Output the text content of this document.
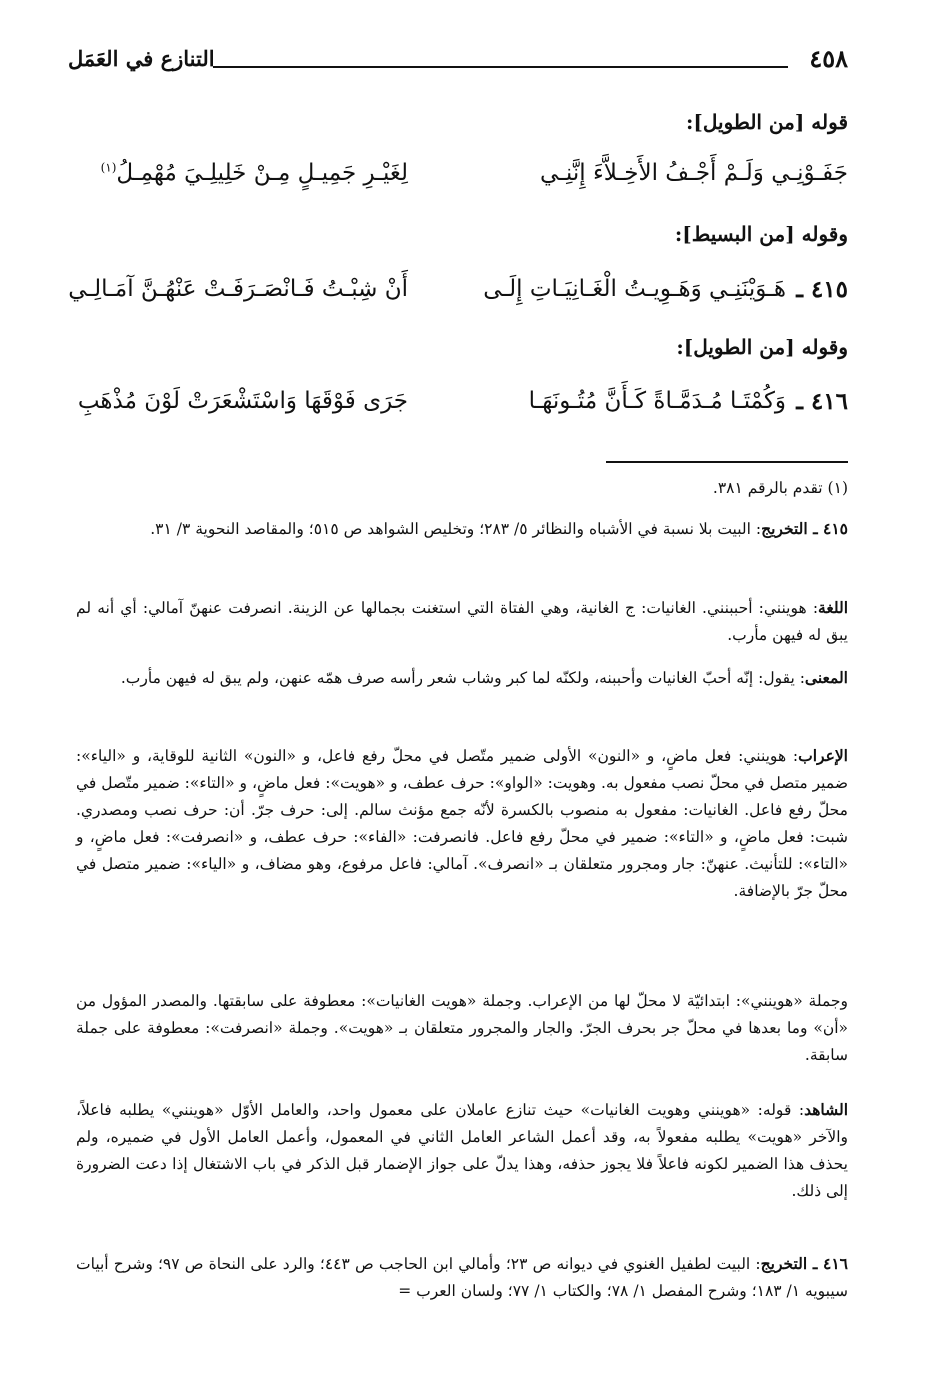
٤٥٨
التنازع في العَمَل
قوله [من الطويل]:
جَفَـوْنِـي وَلَـمْ أَجْـفُ الأَخِـلاَّءَ إِنَّنِـي
لِغَيْـرِ جَمِيـلٍ مِـنْ خَلِيلِـيَ مُهْمِـلُ$^{(١)}$
وقوله [من البسيط]:
٤١٥ ـ
هَـوَيْنَنِـي وَهَـوِيـتُ الْغَـانِيَـاتِ إِلَـى
أَنْ شِبْـتُ فَـانْصَـرَفَـتْ عَنْهُـنَّ آمَـالِـي
وقوله [من الطويل]:
٤١٦ ـ
وَكُمْتَـا مُـدَمَّـاةً كَـأَنَّ مُتُـونَهَـا
جَرَى فَوْقَهَا وَاسْتَشْعَرَتْ لَوْنَ مُذْهَبِ
(١) تقدم بالرقم ٣٨١.
٤١٥ ـ التخريج: البيت بلا نسبة في الأشباه والنظائر ٥/ ٢٨٣؛ وتخليص الشواهد ص ٥١٥؛ والمقاصد النحوية ٣/ ٣١.
اللغة: هوينني: أحببنني. الغانيات: ج الغانية، وهي الفتاة التي استغنت بجمالها عن الزينة. انصرفت عنهنّ آمالي: أي أنه لم يبق له فيهن مأرب.
المعنى: يقول: إنّه أحبّ الغانيات وأحببنه، ولكنّه لما كبر وشاب شعر رأسه صرف همّه عنهن، ولم يبق له فيهن مأرب.
الإعراب: هوينني: فعل ماضٍ، و «النون» الأولى ضمير متّصل في محلّ رفع فاعل، و «النون» الثانية للوقاية، و «الياء»: ضمير متصل في محلّ نصب مفعول به. وهويت: «الواو»: حرف عطف، و «هويت»: فعل ماضٍ، و «التاء»: ضمير متّصل في محلّ رفع فاعل. الغانيات: مفعول به منصوب بالكسرة لأنّه جمع مؤنث سالم. إلى: حرف جرّ. أن: حرف نصب ومصدري. شبت: فعل ماضٍ، و «التاء»: ضمير في محلّ رفع فاعل. فانصرفت: «الفاء»: حرف عطف، و «انصرفت»: فعل ماضٍ، و «التاء»: للتأنيث. عنهنّ: جار ومجرور متعلقان بـ «انصرف». آمالي: فاعل مرفوع، وهو مضاف، و «الياء»: ضمير متصل في محلّ جرّ بالإضافة.
وجملة «هوينني»: ابتدائيّة لا محلّ لها من الإعراب. وجملة «هويت الغانيات»: معطوفة على سابقتها. والمصدر المؤول من «أن» وما بعدها في محلّ جر بحرف الجرّ. والجار والمجرور متعلقان بـ «هويت». وجملة «انصرفت»: معطوفة على جملة سابقة.
الشاهد: قوله: «هوينني وهويت الغانيات» حيث تنازع عاملان على معمول واحد، والعامل الأوّل «هوينني» يطلبه فاعلاً، والآخر «هويت» يطلبه مفعولاً به، وقد أعمل الشاعر العامل الثاني في المعمول، وأعمل العامل الأول في ضميره، ولم يحذف هذا الضمير لكونه فاعلاً فلا يجوز حذفه، وهذا يدلّ على جواز الإضمار قبل الذكر في باب الاشتغال إذا دعت الضرورة إلى ذلك.
٤١٦ ـ التخريج: البيت لطفيل الغنوي في ديوانه ص ٢٣؛ وأمالي ابن الحاجب ص ٤٤٣؛ والرد على النحاة ص ٩٧؛ وشرح أبيات سيبويه ١/ ١٨٣؛ وشرح المفصل ١/ ٧٨؛ والكتاب ١/ ٧٧؛ ولسان العرب =
